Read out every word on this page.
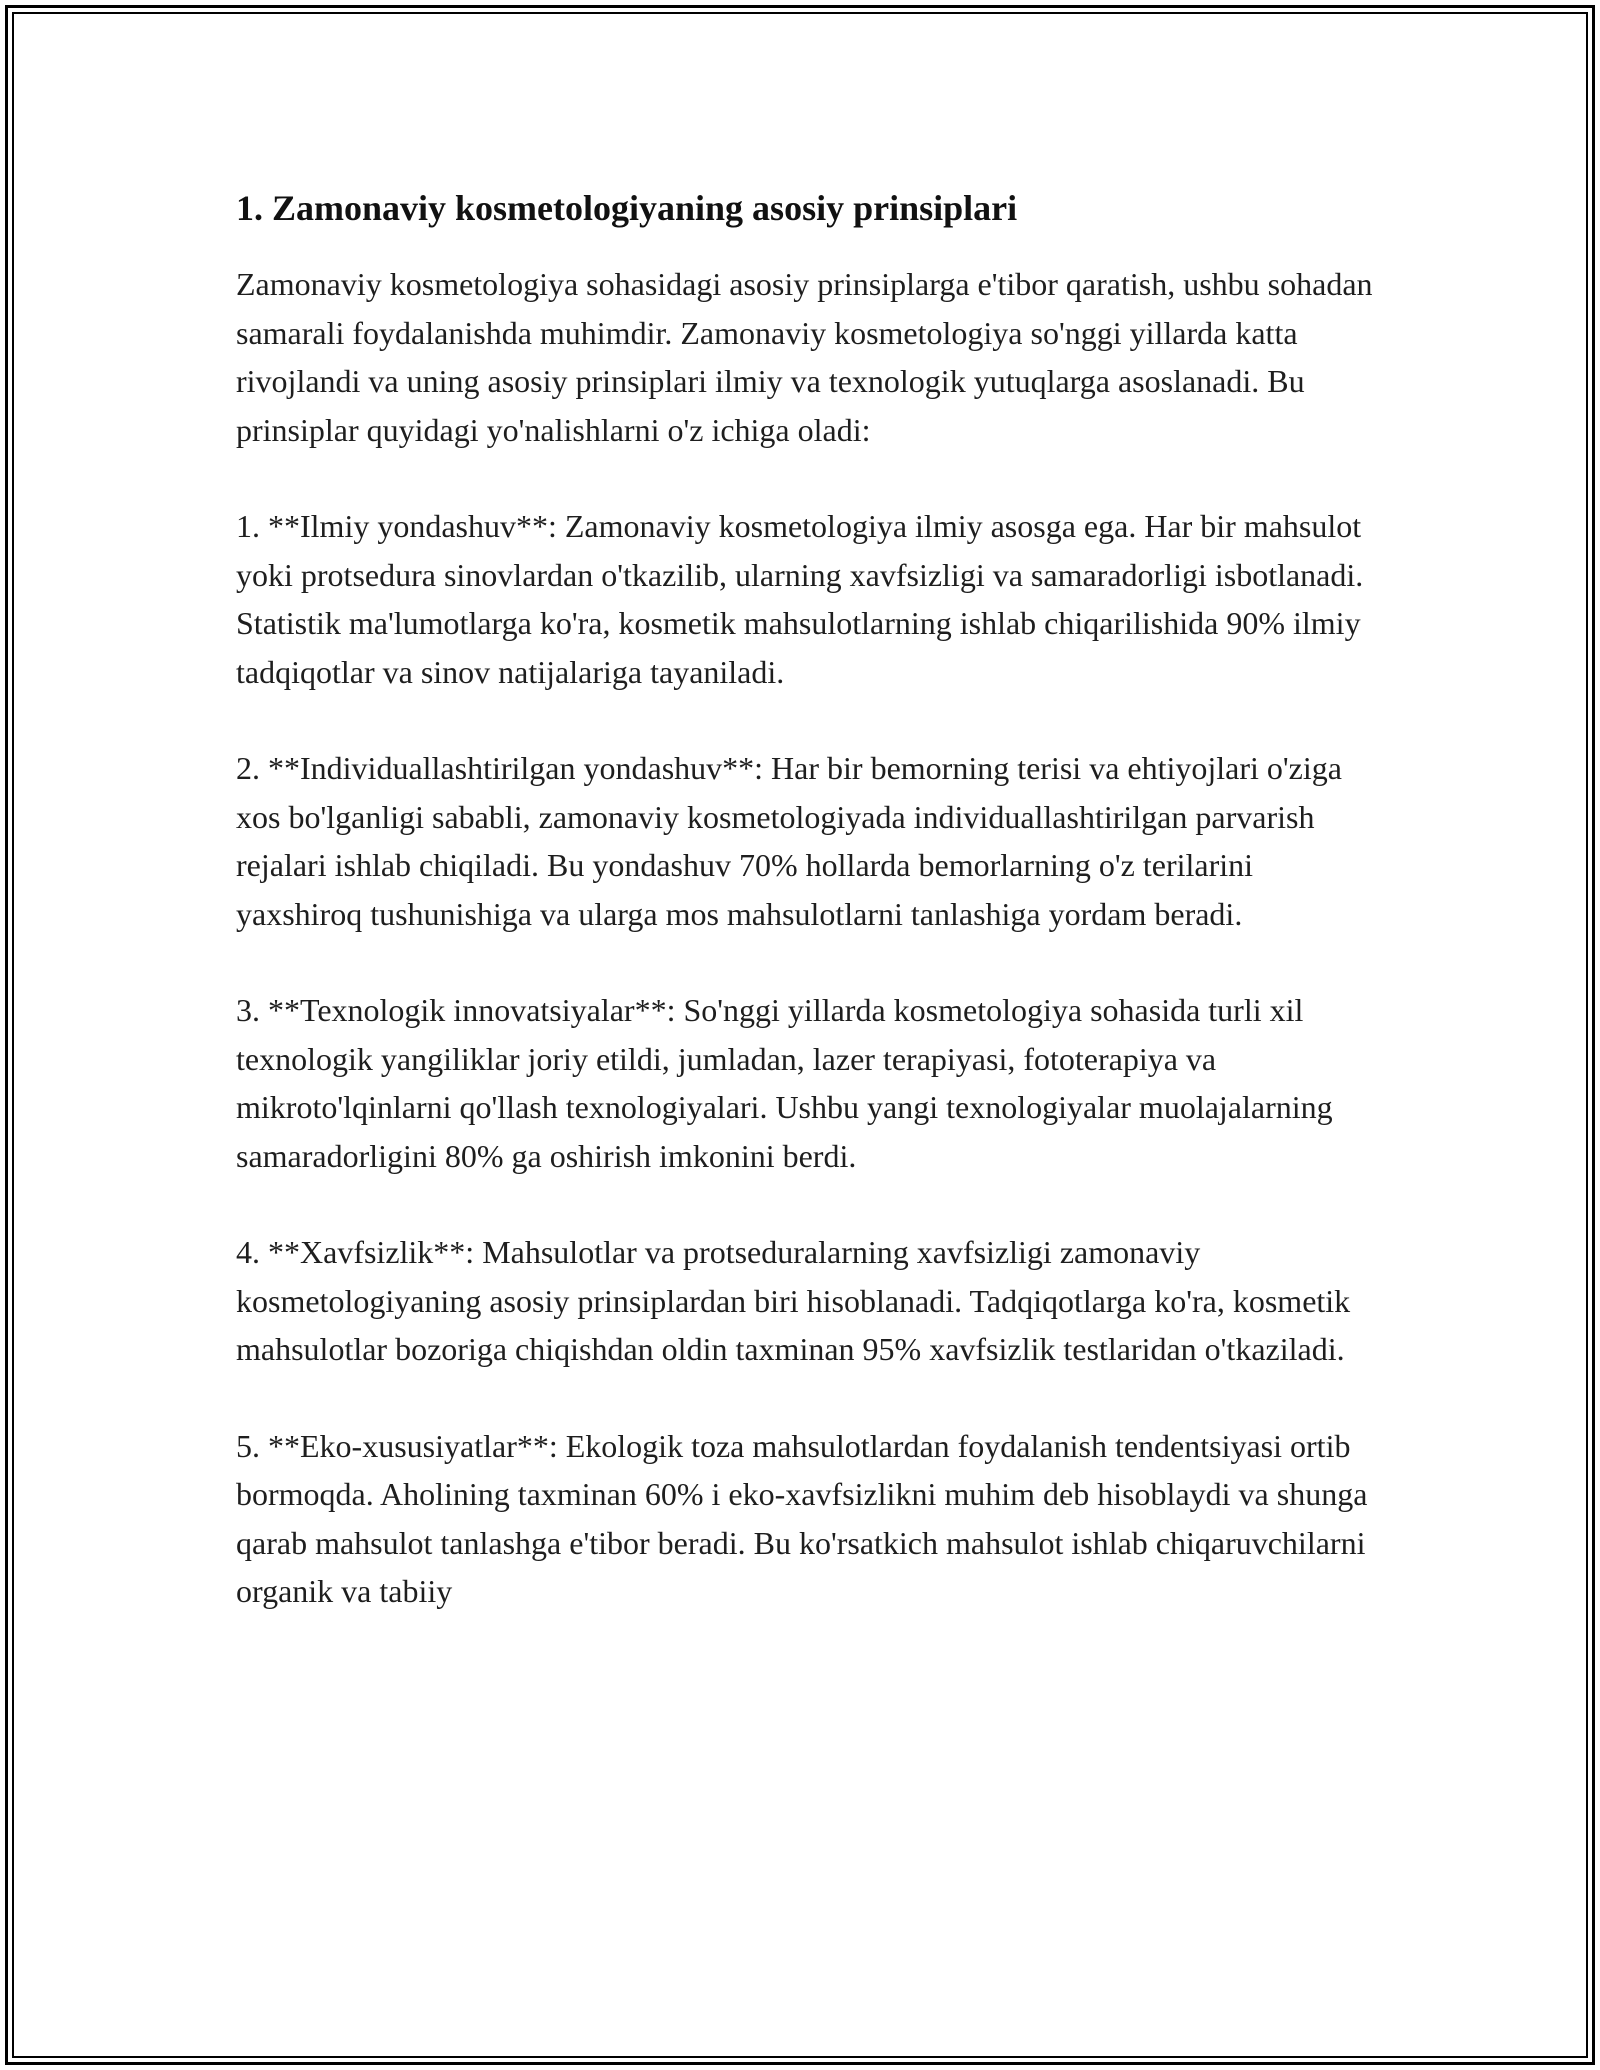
1. Zamonaviy kosmetologiyaning asosiy prinsiplari

Zamonaviy kosmetologiya sohasidagi asosiy prinsiplarga e'tibor qaratish, ushbu sohadan samarali foydalanishda muhimdir. Zamonaviy kosmetologiya so'nggi yillarda katta rivojlandi va uning asosiy prinsiplari ilmiy va texnologik yutuqlarga asoslanadi. Bu prinsiplar quyidagi yo'nalishlarni o'z ichiga oladi:

1. **Ilmiy yondashuv**: Zamonaviy kosmetologiya ilmiy asosga ega. Har bir mahsulot yoki protsedura sinovlardan o'tkazilib, ularning xavfsizligi va samaradorligi isbotlanadi. Statistik ma'lumotlarga ko'ra, kosmetik mahsulotlarning ishlab chiqarilishida 90% ilmiy tadqiqotlar va sinov natijalariga tayaniladi.

2. **Individuallashtirilgan yondashuv**: Har bir bemorning terisi va ehtiyojlari o'ziga xos bo'lganligi sababli, zamonaviy kosmetologiyada individuallashtirilgan parvarish rejalari ishlab chiqiladi. Bu yondashuv 70% hollarda bemorlarning o'z terilarini yaxshiroq tushunishiga va ularga mos mahsulotlarni tanlashiga yordam beradi.

3. **Texnologik innovatsiyalar**: So'nggi yillarda kosmetologiya sohasida turli xil texnologik yangiliklar joriy etildi, jumladan, lazer terapiyasi, fototerapiya va mikroto'lqinlarni qo'llash texnologiyalari. Ushbu yangi texnologiyalar muolajalarning samaradorligini 80% ga oshirish imkonini berdi.

4. **Xavfsizlik**: Mahsulotlar va protseduralarning xavfsizligi zamonaviy kosmetologiyaning asosiy prinsiplardan biri hisoblanadi. Tadqiqotlarga ko'ra, kosmetik mahsulotlar bozoriga chiqishdan oldin taxminan 95% xavfsizlik testlaridan o'tkaziladi.

5. **Eko-xususiyatlar**: Ekologik toza mahsulotlardan foydalanish tendentsiyasi ortib bormoqda. Aholining taxminan 60% i eko-xavfsizlikni muhim deb hisoblaydi va shunga qarab mahsulot tanlashga e'tibor beradi. Bu ko'rsatkich mahsulot ishlab chiqaruvchilarni organik va tabiiy
